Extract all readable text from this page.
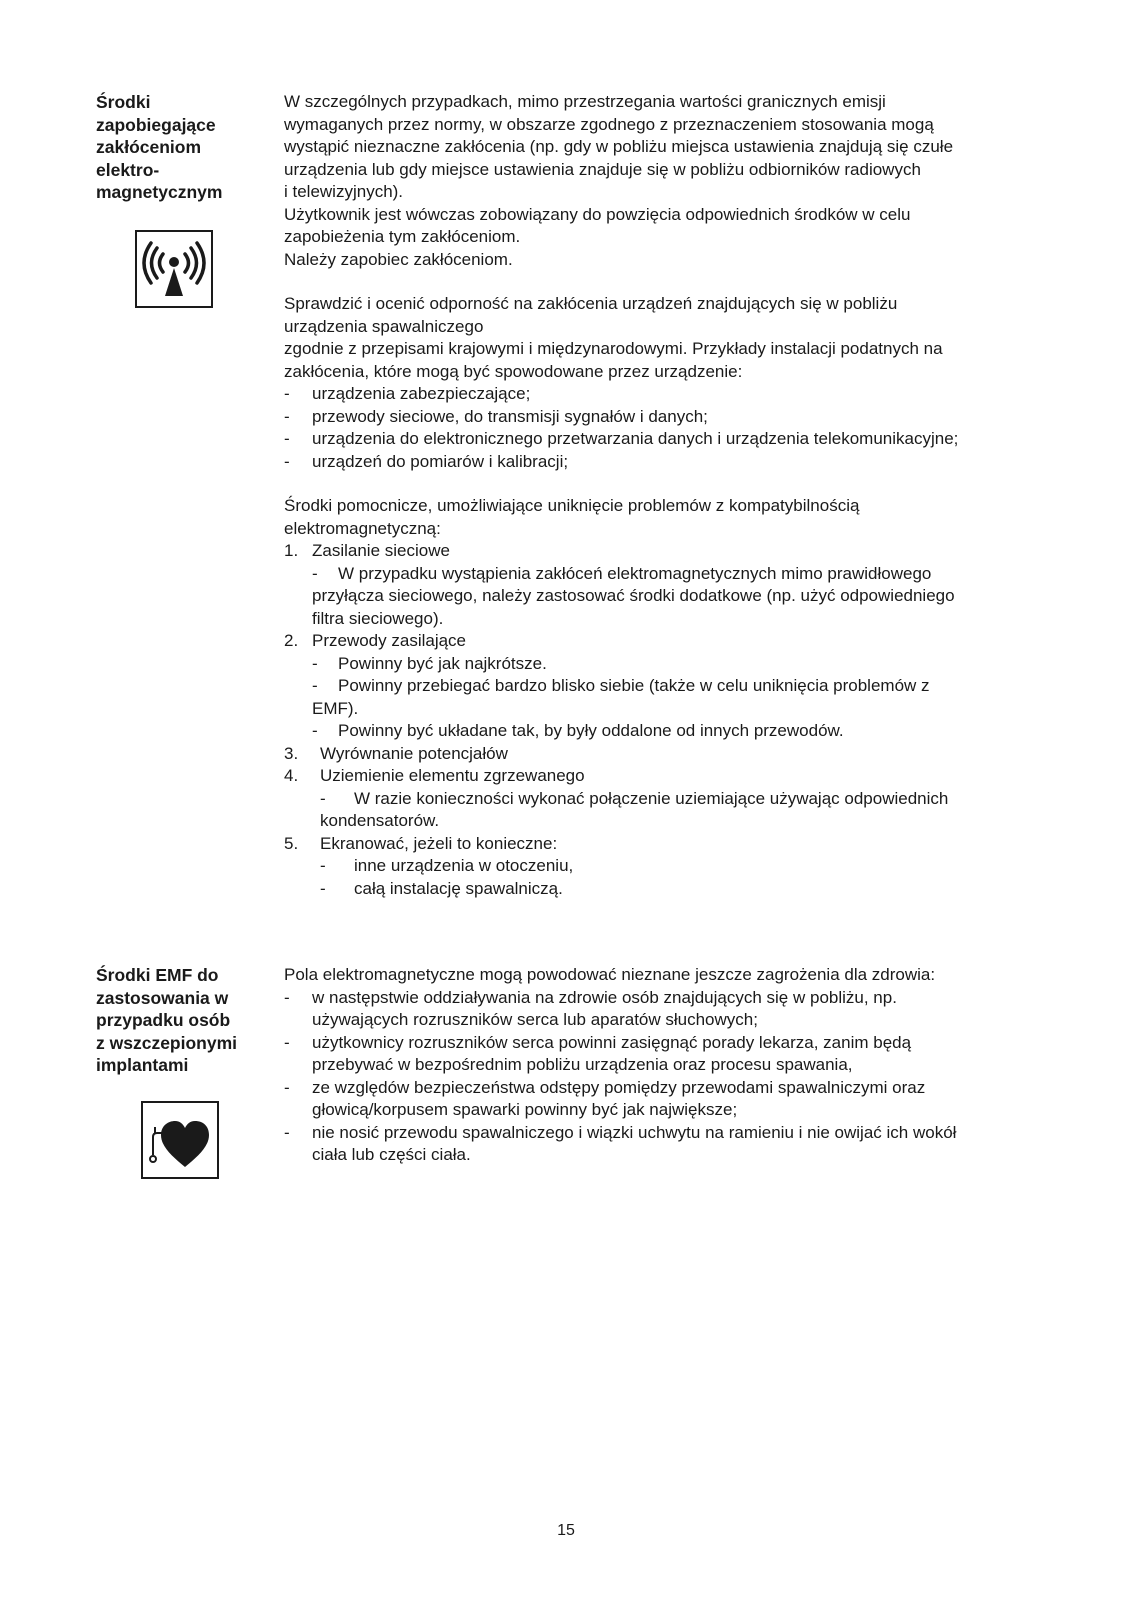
Środki

zapobiegające

zakłóceniom

elektro-

magnetycznym

W szczególnych przypadkach, mimo przestrzegania wartości granicznych emisji

wymaganych przez normy, w obszarze zgodnego z przeznaczeniem stosowania mogą

wystąpić nieznaczne zakłócenia (np. gdy w pobliżu miejsca ustawienia znajdują się czułe

urządzenia lub gdy miejsce ustawienia znajduje się w pobliżu odbiorników radiowych

i telewizyjnych).

Użytkownik jest wówczas zobowiązany do powzięcia odpowiednich środków w celu

zapobieżenia tym zakłóceniom.

Należy zapobiec zakłóceniom.

Sprawdzić i ocenić odporność na zakłócenia urządzeń znajdujących się w pobliżu

urządzenia spawalniczego

zgodnie z przepisami krajowymi i międzynarodowymi. Przykłady instalacji podatnych na

zakłócenia, które mogą być spowodowane przez urządzenie:

- urządzenia zabezpieczające;

- przewody sieciowe, do transmisji sygnałów i danych;

- urządzenia do elektronicznego przetwarzania danych i urządzenia telekomunikacyjne;

- urządzeń do pomiarów i kalibracji;

Środki pomocnicze, umożliwiające uniknięcie problemów z kompatybilnością

elektromagnetyczną:

1. Zasilanie sieciowe

- W przypadku wystąpienia zakłóceń elektromagnetycznych mimo prawidłowego

przyłącza sieciowego, należy zastosować środki dodatkowe (np. użyć odpowiedniego

filtra sieciowego).

2. Przewody zasilające

- Powinny być jak najkrótsze.

- Powinny przebiegać bardzo blisko siebie (także w celu uniknięcia problemów z

EMF).

- Powinny być układane tak, by były oddalone od innych przewodów.

3. Wyrównanie potencjałów

4. Uziemienie elementu zgrzewanego

-	W razie konieczności wykonać połączenie uziemiające używając odpowiednich

kondensatorów.

5. Ekranować, jeżeli to konieczne:

-	inne urządzenia w otoczeniu,

-	całą instalację spawalniczą.

Środki EMF do

zastosowania w

przypadku osób

z wszczepionymi

implantami

Pola elektromagnetyczne mogą powodować nieznane jeszcze zagrożenia dla zdrowia:

- w następstwie oddziaływania na zdrowie osób znajdujących się w pobliżu, np.

używających rozruszników serca lub aparatów słuchowych;

- użytkownicy rozruszników serca powinni zasięgnąć porady lekarza, zanim będą

przebywać w bezpośrednim pobliżu urządzenia oraz procesu spawania,

- ze względów bezpieczeństwa odstępy pomiędzy przewodami spawalniczymi oraz

głowicą/korpusem spawarki powinny być jak największe;

- nie nosić przewodu spawalniczego i wiązki uchwytu na ramieniu i nie owijać ich wokół

ciała lub części ciała.

15
